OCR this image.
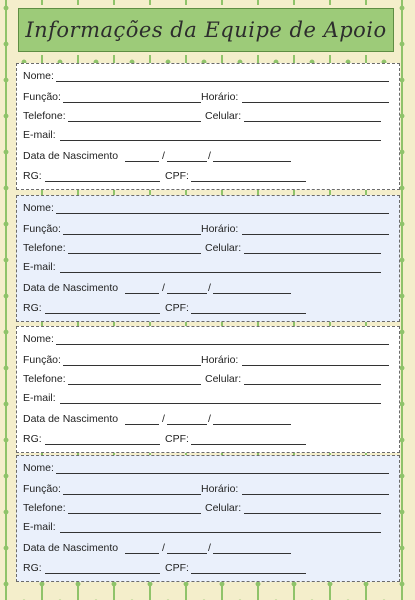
Informações da Equipe de Apoio
Nome:
Função:	Horário:
Telefone:	Celular:
E-mail:
Data de Nascimento	/	/
RG:	CPF:
Nome:
Função:	Horário:
Telefone:	Celular:
E-mail:
Data de Nascimento	/	/
RG:	CPF:
Nome:
Função:	Horário:
Telefone:	Celular:
E-mail:
Data de Nascimento	/	/
RG:	CPF:
Nome:
Função:	Horário:
Telefone:	Celular:
E-mail:
Data de Nascimento	/	/
RG:	CPF:
